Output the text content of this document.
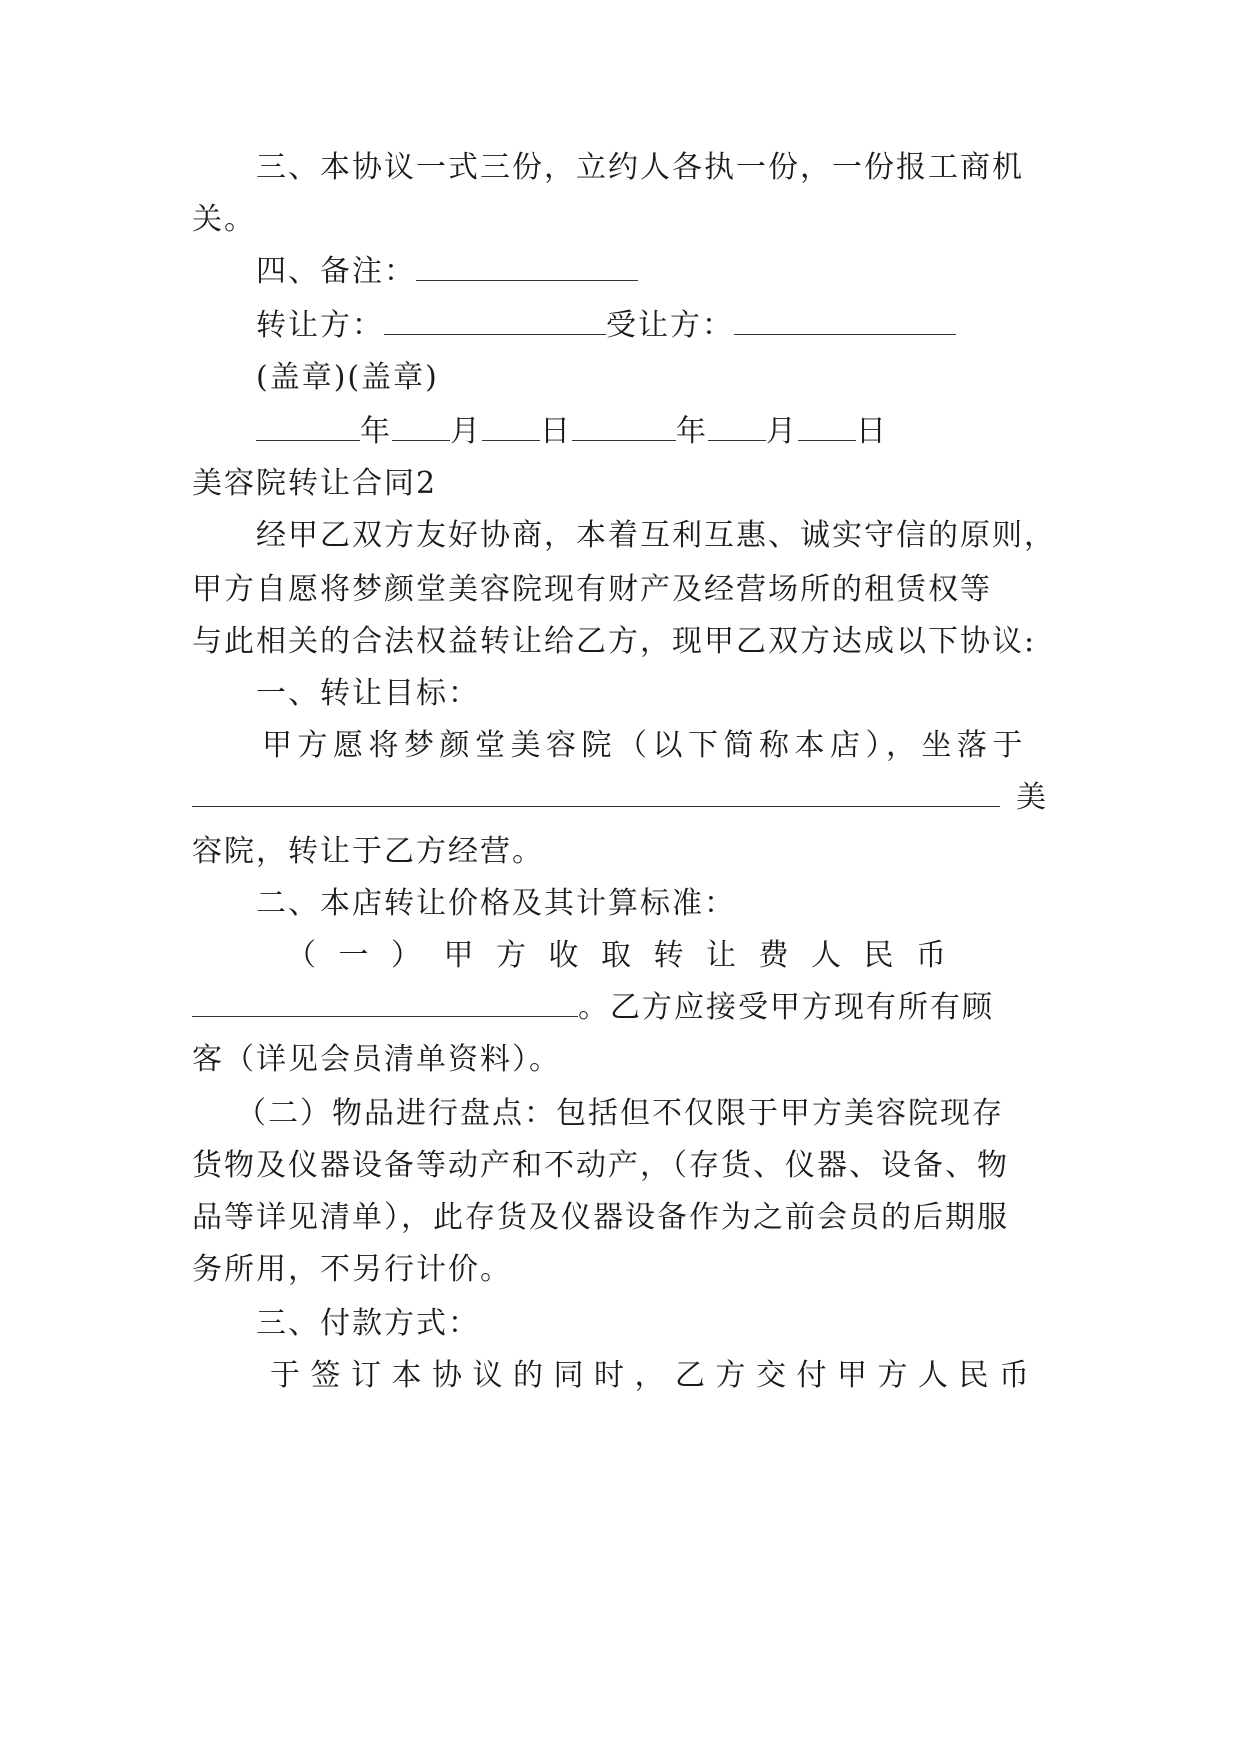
三、本协议一式三份，立约人各执一份，一份报工商机
关。
四、备注：
转让方：	受让方：
(盖章)(盖章)
年 月 日	年 月 日
美容院转让合同2
经甲乙双方友好协商，本着互利互惠、诚实守信的原则，
甲方自愿将梦颜堂美容院现有财产及经营场所的租赁权等
与此相关的合法权益转让给乙方，现甲乙双方达成以下协议:
一、转让目标：
甲方愿将梦颜堂美容院（以下简称本店），坐落于
美
容院，转让于乙方经营。
二、本店转让价格及其计算标准：
（一）甲方收取转让费人民币
。乙方应接受甲方现有所有顾
客（详见会员清单资料）。
（二）物品进行盘点：包括但不仅限于甲方美容院现存
货物及仪器设备等动产和不动产，（存货、仪器、设备、物
品等详见清单），此存货及仪器设备作为之前会员的后期服
务所用，不另行计价。
三、付款方式：
于签订本协议的同时，乙方交付甲方人民币
